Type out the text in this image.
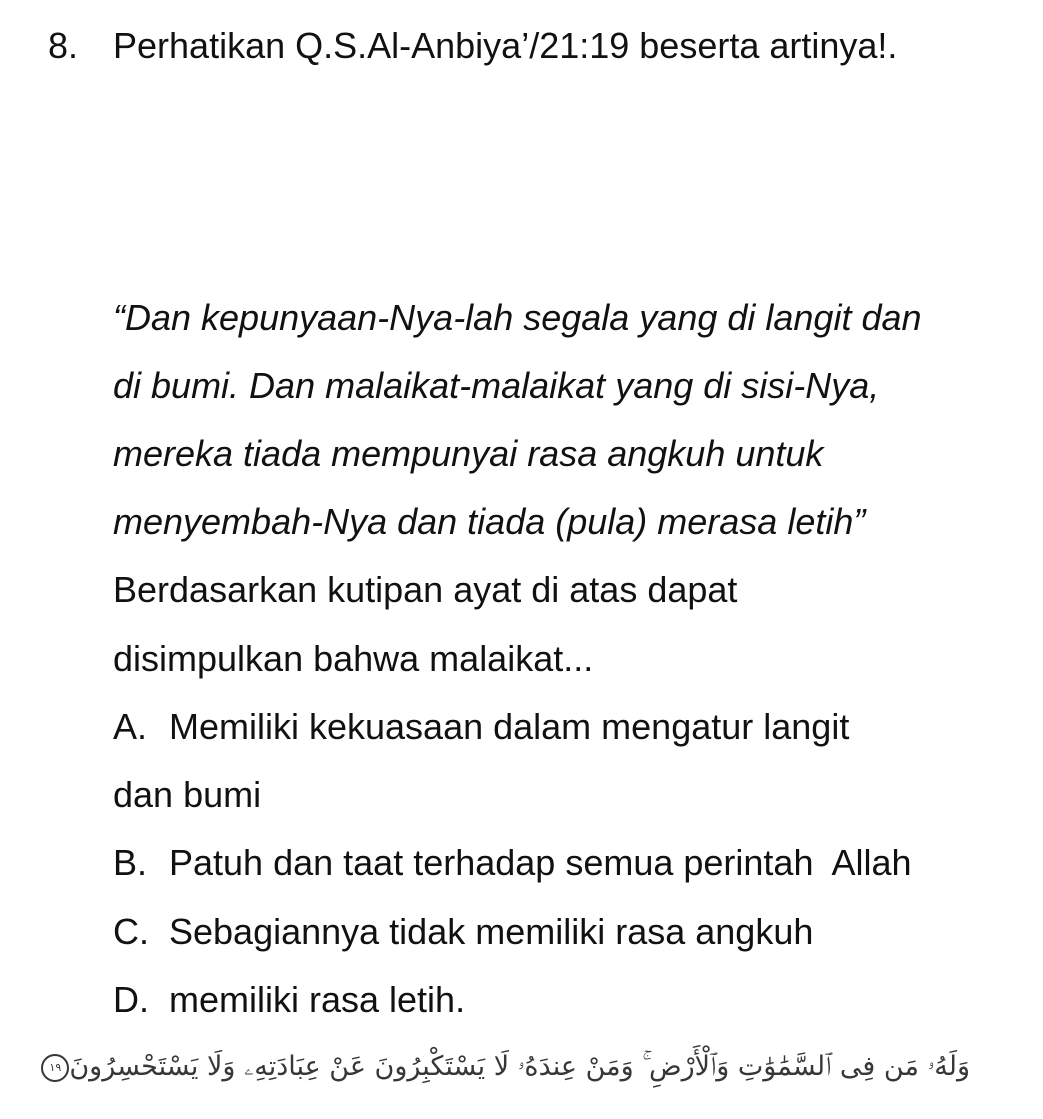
8. Perhatikan Q.S.Al-Anbiya’/21:19 beserta artinya!.
“Dan kepunyaan-Nya-lah segala yang di langit dan
di bumi. Dan malaikat-malaikat yang di sisi-Nya,
mereka tiada mempunyai rasa angkuh untuk
menyembah-Nya dan tiada (pula) merasa letih”
Berdasarkan kutipan ayat di atas dapat
disimpulkan bahwa malaikat...
A. Memiliki kekuasaan dalam mengatur langit
dan bumi
B. Patuh dan taat terhadap semua perintah  Allah
C. Sebagiannya tidak memiliki rasa angkuh
D. memiliki rasa letih.
وَلَهُۥ مَن فِى ٱلسَّمَٰوَٰتِ وَٱلْأَرْضِ ۚ وَمَنْ عِندَهُۥ لَا يَسْتَكْبِرُونَ عَنْ عِبَادَتِهِۦ وَلَا يَسْتَحْسِرُونَ١٩
